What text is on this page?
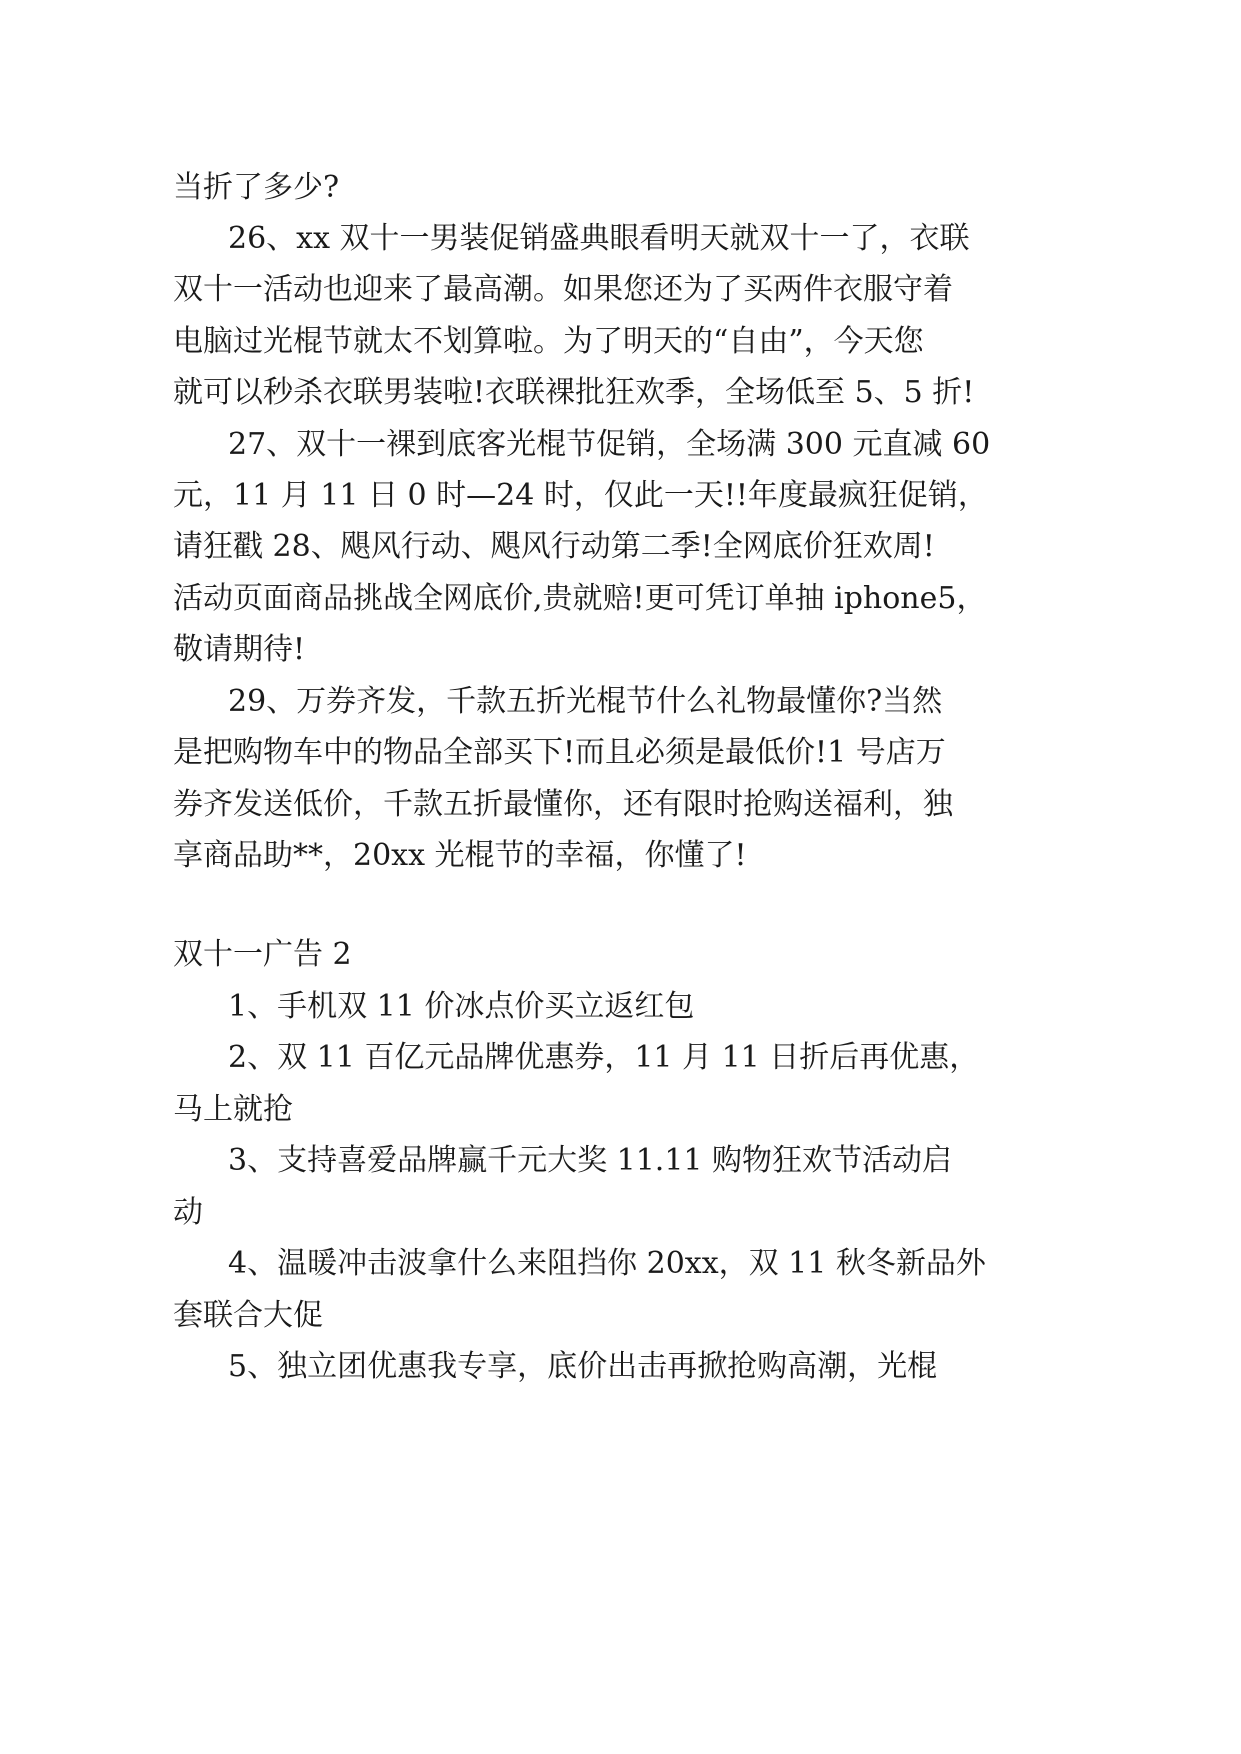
当折了多少?

26、xx 双十一男装促销盛典眼看明天就双十一了，衣联

双十一活动也迎来了最高潮。如果您还为了买两件衣服守着

电脑过光棍节就太不划算啦。为了明天的“自由”，今天您

就可以秒杀衣联男装啦!衣联裸批狂欢季，全场低至 5、5 折!

27、双十一裸到底客光棍节促销，全场满 300 元直减 60

元，11 月 11 日 0 时—24 时，仅此一天!!年度最疯狂促销，

请狂戳 28、飓风行动、飓风行动第二季!全网底价狂欢周!

活动页面商品挑战全网底价,贵就赔!更可凭订单抽 iphone5，

敬请期待!

29、万券齐发，千款五折光棍节什么礼物最懂你?当然

是把购物车中的物品全部买下!而且必须是最低价!1 号店万

券齐发送低价，千款五折最懂你，还有限时抢购送福利，独

享商品助**，20xx 光棍节的幸福，你懂了!

双十一广告 2

1、手机双 11 价冰点价买立返红包

2、双 11 百亿元品牌优惠券，11 月 11 日折后再优惠，

马上就抢

3、支持喜爱品牌赢千元大奖 11.11 购物狂欢节活动启

动

4、温暖冲击波拿什么来阻挡你 20xx，双 11 秋冬新品外

套联合大促

5、独立团优惠我专享，底价出击再掀抢购高潮，光棍
